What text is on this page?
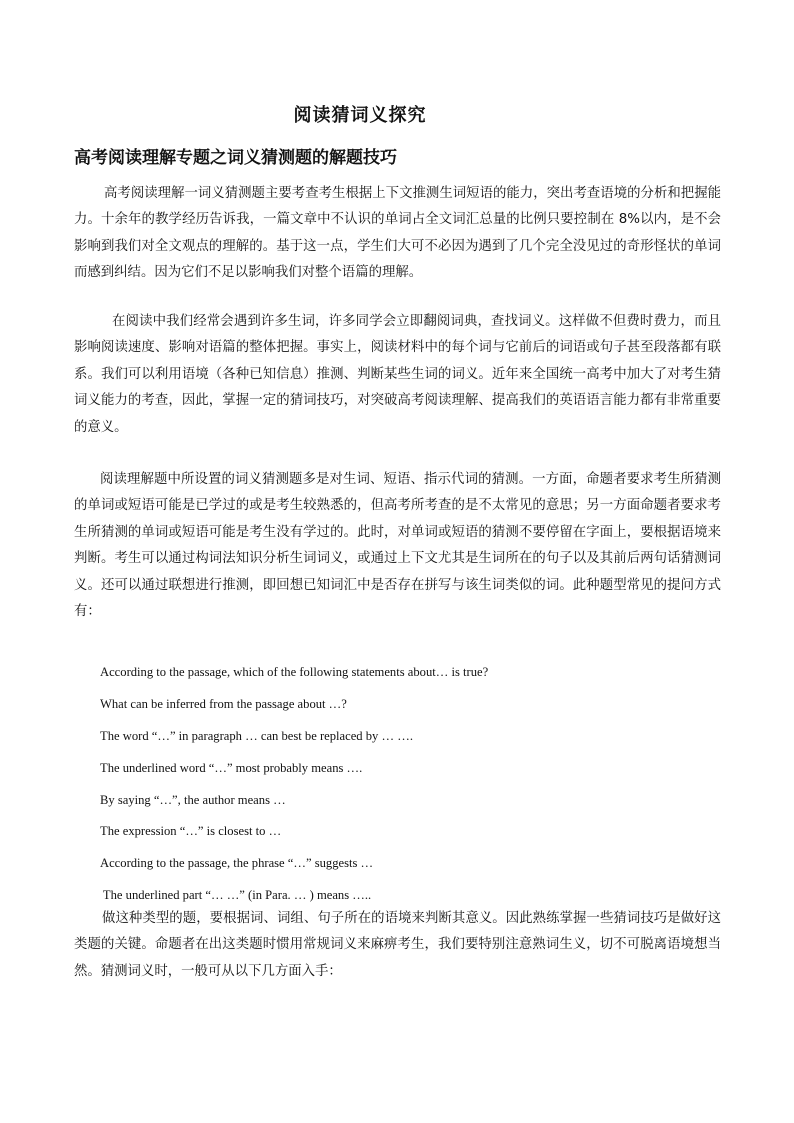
阅读猜词义探究
高考阅读理解专题之词义猜测题的解题技巧

高考阅读理解一词义猜测题主要考查考生根据上下文推测生词短语的能力，突出考查语境的分析和把握能力。十余年的教学经历告诉我，一篇文章中不认识的单词占全文词汇总量的比例只要控制在 8%以内，是不会影响到我们对全文观点的理解的。基于这一点，学生们大可不必因为遇到了几个完全没见过的奇形怪状的单词而感到纠结。因为它们不足以影响我们对整个语篇的理解。

在阅读中我们经常会遇到许多生词，许多同学会立即翻阅词典，查找词义。这样做不但费时费力，而且影响阅读速度、影响对语篇的整体把握。事实上，阅读材料中的每个词与它前后的词语或句子甚至段落都有联系。我们可以利用语境（各种已知信息）推测、判断某些生词的词义。近年来全国统一高考中加大了对考生猜词义能力的考查，因此，掌握一定的猜词技巧，对突破高考阅读理解、提高我们的英语语言能力都有非常重要的意义。

阅读理解题中所设置的词义猜测题多是对生词、短语、指示代词的猜测。一方面，命题者要求考生所猜测的单词或短语可能是已学过的或是考生较熟悉的，但高考所考查的是不太常见的意思；另一方面命题者要求考生所猜测的单词或短语可能是考生没有学过的。此时，对单词或短语的猜测不要停留在字面上，要根据语境来判断。考生可以通过构词法知识分析生词词义，或通过上下文尤其是生词所在的句子以及其前后两句话猜测词义。还可以通过联想进行推测，即回想已知词汇中是否存在拼写与该生词类似的词。此种题型常见的提问方式有：

According to the passage, which of the following statements about… is true?
What can be inferred from the passage about …?
The word “…” in paragraph … can best be replaced by … ….
The underlined word “…” most probably means ….
By saying “…”, the author means …
The expression “…” is closest to …
According to the passage, the phrase “…” suggests …
The underlined part “… …” (in Para. … ) means …..

做这种类型的题，要根据词、词组、句子所在的语境来判断其意义。因此熟练掌握一些猜词技巧是做好这类题的关键。命题者在出这类题时惯用常规词义来麻痹考生，我们要特别注意熟词生义，切不可脱离语境想当然。猜测词义时，一般可从以下几方面入手：
